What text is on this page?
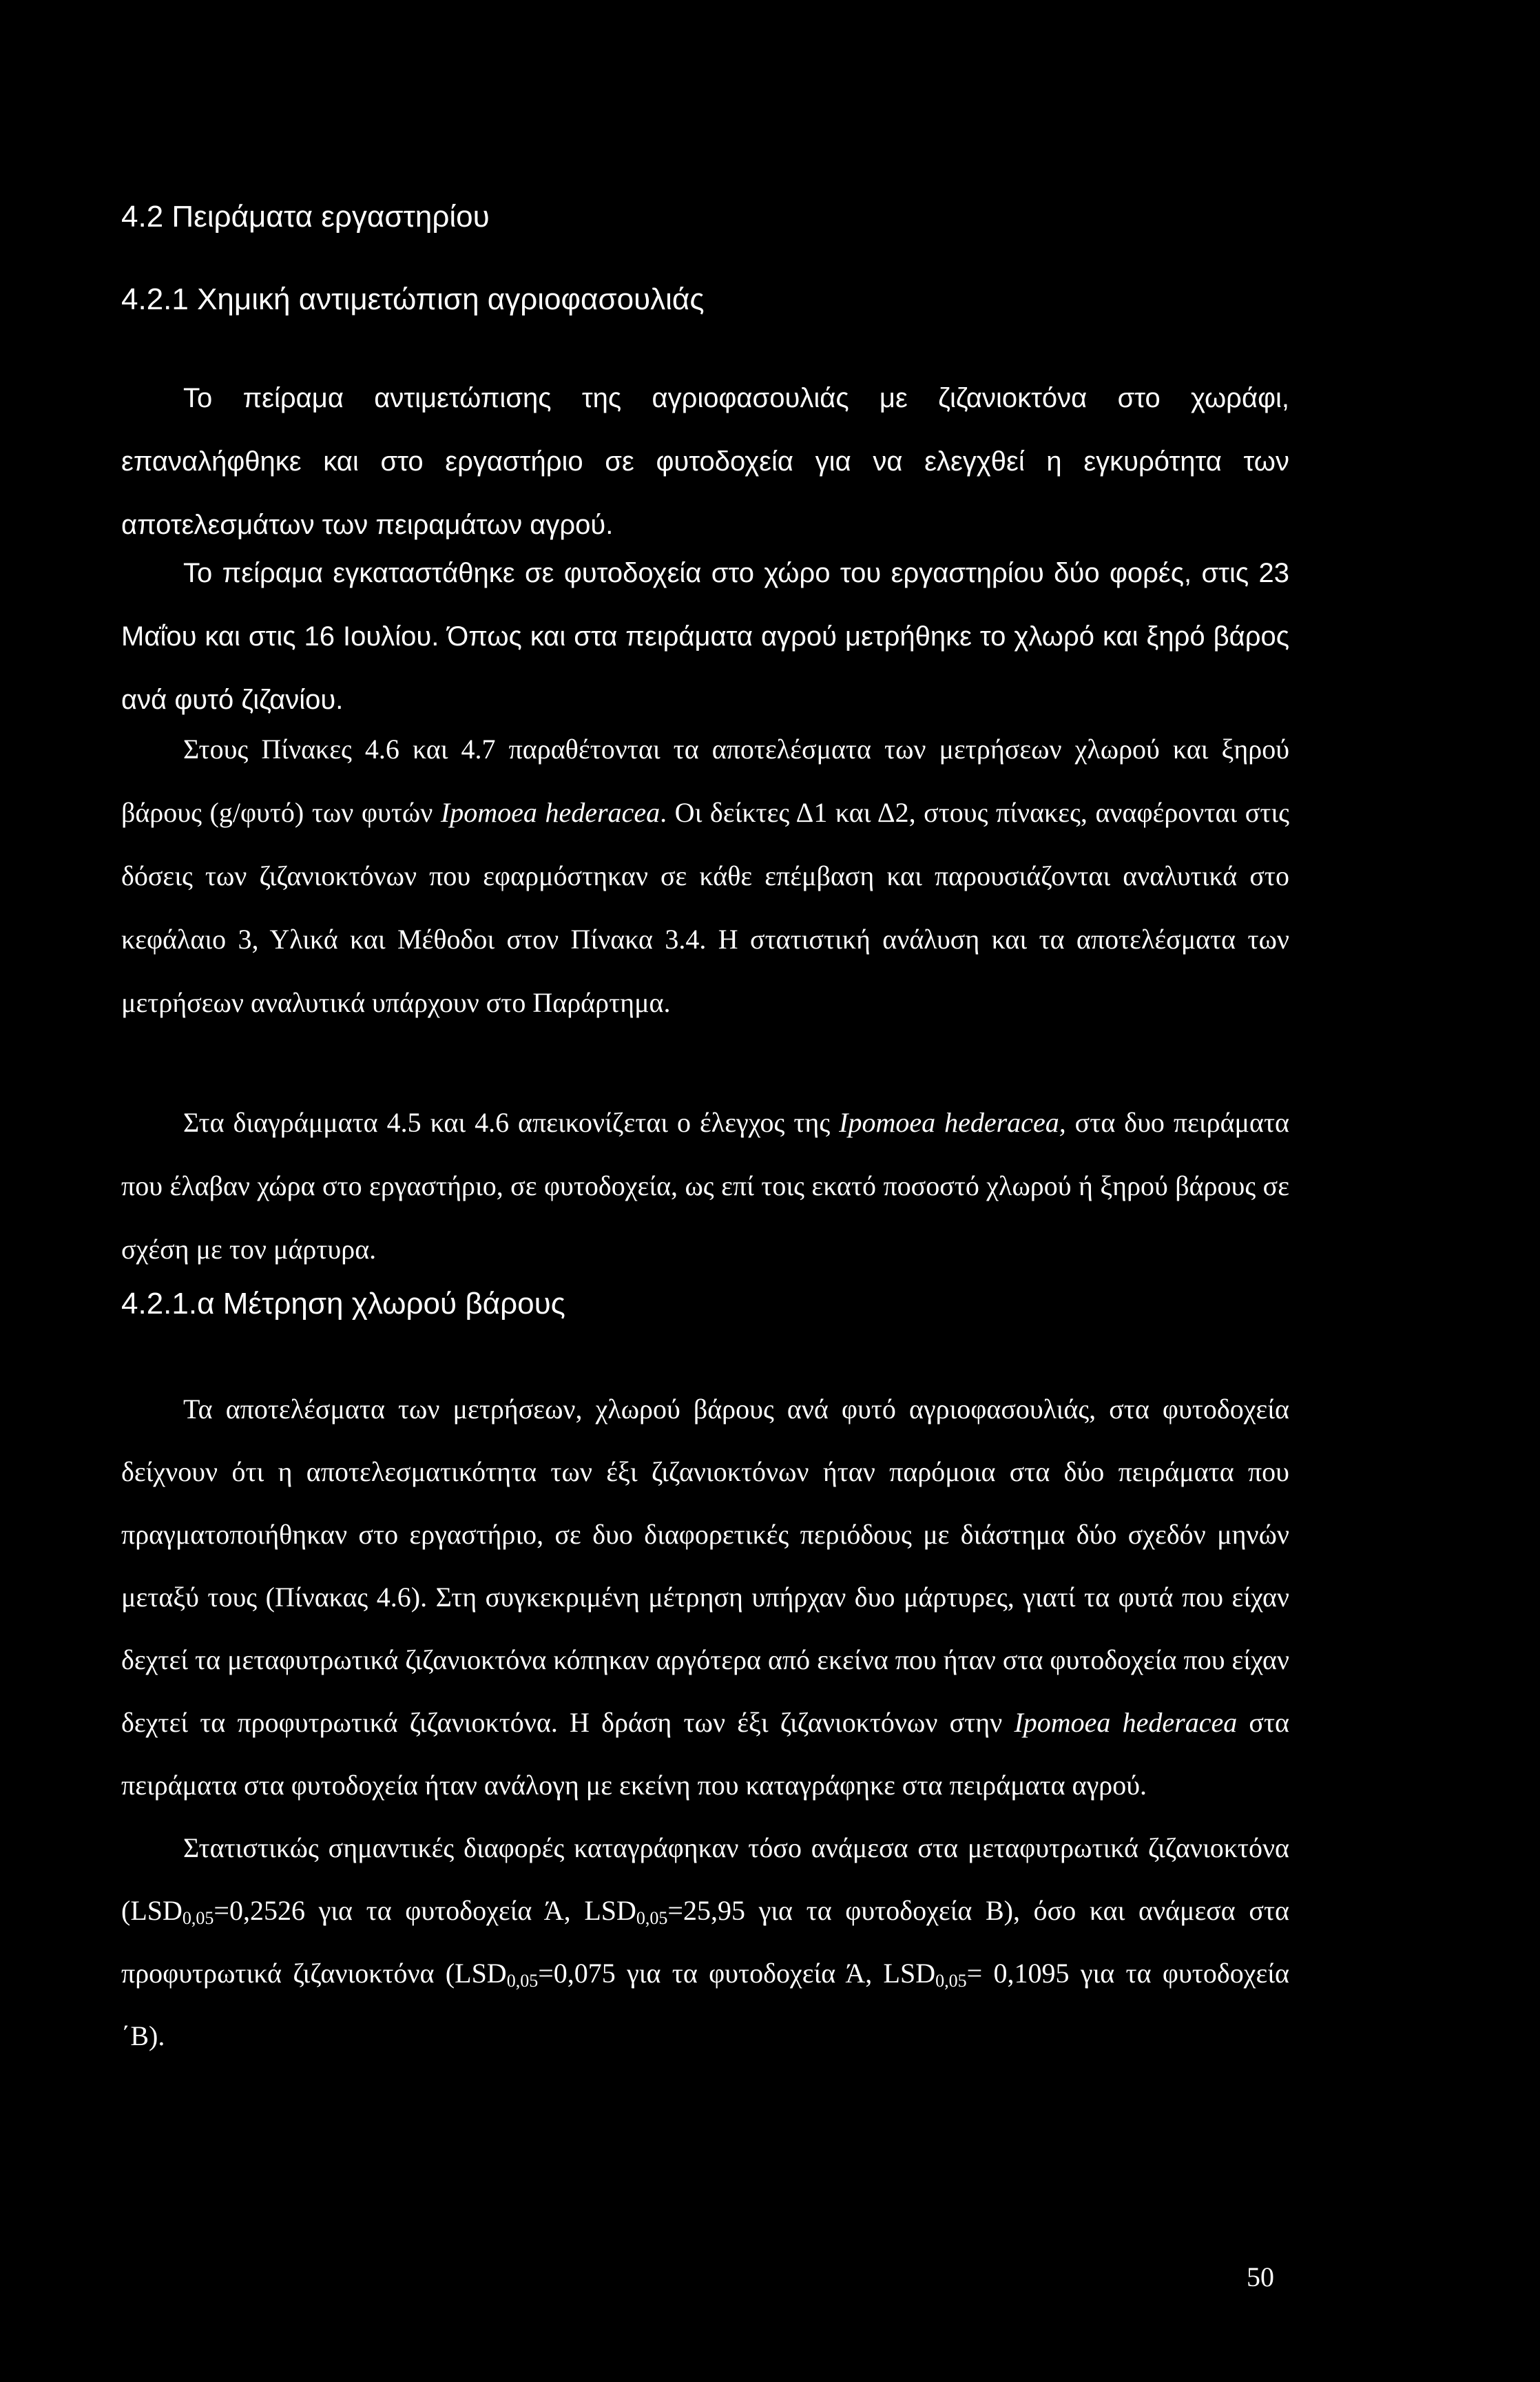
4.2 Πειράματα εργαστηρίου
4.2.1 Χημική αντιμετώπιση αγριοφασουλιάς
Το πείραμα αντιμετώπισης της αγριοφασουλιάς με ζιζανιοκτόνα στο χωράφι, επαναλήφθηκε και στο εργαστήριο σε φυτοδοχεία για να ελεγχθεί η εγκυρότητα των αποτελεσμάτων των πειραμάτων αγρού.
Το πείραμα εγκαταστάθηκε σε φυτοδοχεία στο χώρο του εργαστηρίου δύο φορές, στις 23 Μαΐου και στις 16 Ιουλίου. Όπως και στα πειράματα αγρού μετρήθηκε το χλωρό και ξηρό βάρος ανά φυτό ζιζανίου.
Στους Πίνακες 4.6 και 4.7 παραθέτονται τα αποτελέσματα των μετρήσεων χλωρού και ξηρού βάρους (g/φυτό) των φυτών Ipomoea hederacea. Οι δείκτες Δ1 και Δ2, στους πίνακες, αναφέρονται στις δόσεις των ζιζανιοκτόνων που εφαρμόστηκαν σε κάθε επέμβαση και παρουσιάζονται αναλυτικά στο κεφάλαιο 3, Υλικά και Μέθοδοι στον Πίνακα 3.4. Η στατιστική ανάλυση και τα αποτελέσματα των μετρήσεων αναλυτικά υπάρχουν στο Παράρτημα.
Στα διαγράμματα 4.5 και 4.6 απεικονίζεται ο έλεγχος της Ipomoea hederacea, στα δυο πειράματα που έλαβαν χώρα στο εργαστήριο, σε φυτοδοχεία, ως επί τοις εκατό ποσοστό χλωρού ή ξηρού βάρους σε σχέση με τον μάρτυρα.
4.2.1.α Μέτρηση χλωρού βάρους
Τα αποτελέσματα των μετρήσεων, χλωρού βάρους ανά φυτό αγριοφασουλιάς, στα φυτοδοχεία δείχνουν ότι η αποτελεσματικότητα των έξι ζιζανιοκτόνων ήταν παρόμοια στα δύο πειράματα που πραγματοποιήθηκαν στο εργαστήριο, σε δυο διαφορετικές περιόδους με διάστημα δύο σχεδόν μηνών μεταξύ τους (Πίνακας 4.6). Στη συγκεκριμένη μέτρηση υπήρχαν δυο μάρτυρες, γιατί τα φυτά που είχαν δεχτεί τα μεταφυτρωτικά ζιζανιοκτόνα κόπηκαν αργότερα από εκείνα που ήταν στα φυτοδοχεία που είχαν δεχτεί τα προφυτρωτικά ζιζανιοκτόνα. Η δράση των έξι ζιζανιοκτόνων στην Ipomoea hederacea στα πειράματα στα φυτοδοχεία ήταν ανάλογη με εκείνη που καταγράφηκε στα πειράματα αγρού.
Στατιστικώς σημαντικές διαφορές καταγράφηκαν τόσο ανάμεσα στα μεταφυτρωτικά ζιζανιοκτόνα ($LSD_{0,05}=0,2526$ για τα φυτοδοχεία Ά, $LSD_{0,05}=25,95$ για τα φυτοδοχεία Β), όσο και ανάμεσα στα προφυτρωτικά ζιζανιοκτόνα ($LSD_{0,05}=0,075$ για τα φυτοδοχεία Ά, $LSD_{0,05}= 0,1095$ για τα φυτοδοχεία ΄Β).
50
